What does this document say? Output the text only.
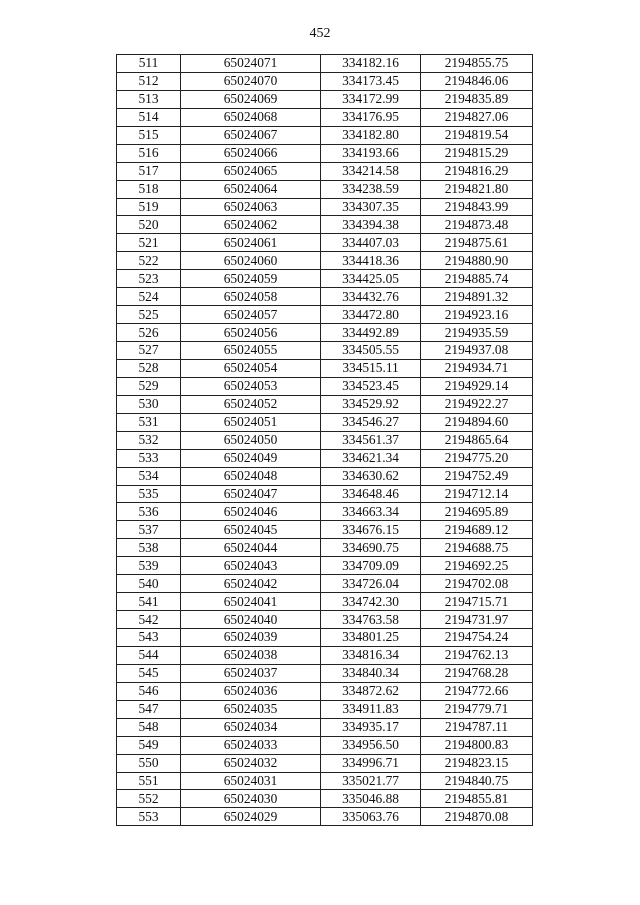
452
511	65024071	334182.16	2194855.75
512	65024070	334173.45	2194846.06
513	65024069	334172.99	2194835.89
514	65024068	334176.95	2194827.06
515	65024067	334182.80	2194819.54
516	65024066	334193.66	2194815.29
517	65024065	334214.58	2194816.29
518	65024064	334238.59	2194821.80
519	65024063	334307.35	2194843.99
520	65024062	334394.38	2194873.48
521	65024061	334407.03	2194875.61
522	65024060	334418.36	2194880.90
523	65024059	334425.05	2194885.74
524	65024058	334432.76	2194891.32
525	65024057	334472.80	2194923.16
526	65024056	334492.89	2194935.59
527	65024055	334505.55	2194937.08
528	65024054	334515.11	2194934.71
529	65024053	334523.45	2194929.14
530	65024052	334529.92	2194922.27
531	65024051	334546.27	2194894.60
532	65024050	334561.37	2194865.64
533	65024049	334621.34	2194775.20
534	65024048	334630.62	2194752.49
535	65024047	334648.46	2194712.14
536	65024046	334663.34	2194695.89
537	65024045	334676.15	2194689.12
538	65024044	334690.75	2194688.75
539	65024043	334709.09	2194692.25
540	65024042	334726.04	2194702.08
541	65024041	334742.30	2194715.71
542	65024040	334763.58	2194731.97
543	65024039	334801.25	2194754.24
544	65024038	334816.34	2194762.13
545	65024037	334840.34	2194768.28
546	65024036	334872.62	2194772.66
547	65024035	334911.83	2194779.71
548	65024034	334935.17	2194787.11
549	65024033	334956.50	2194800.83
550	65024032	334996.71	2194823.15
551	65024031	335021.77	2194840.75
552	65024030	335046.88	2194855.81
553	65024029	335063.76	2194870.08
